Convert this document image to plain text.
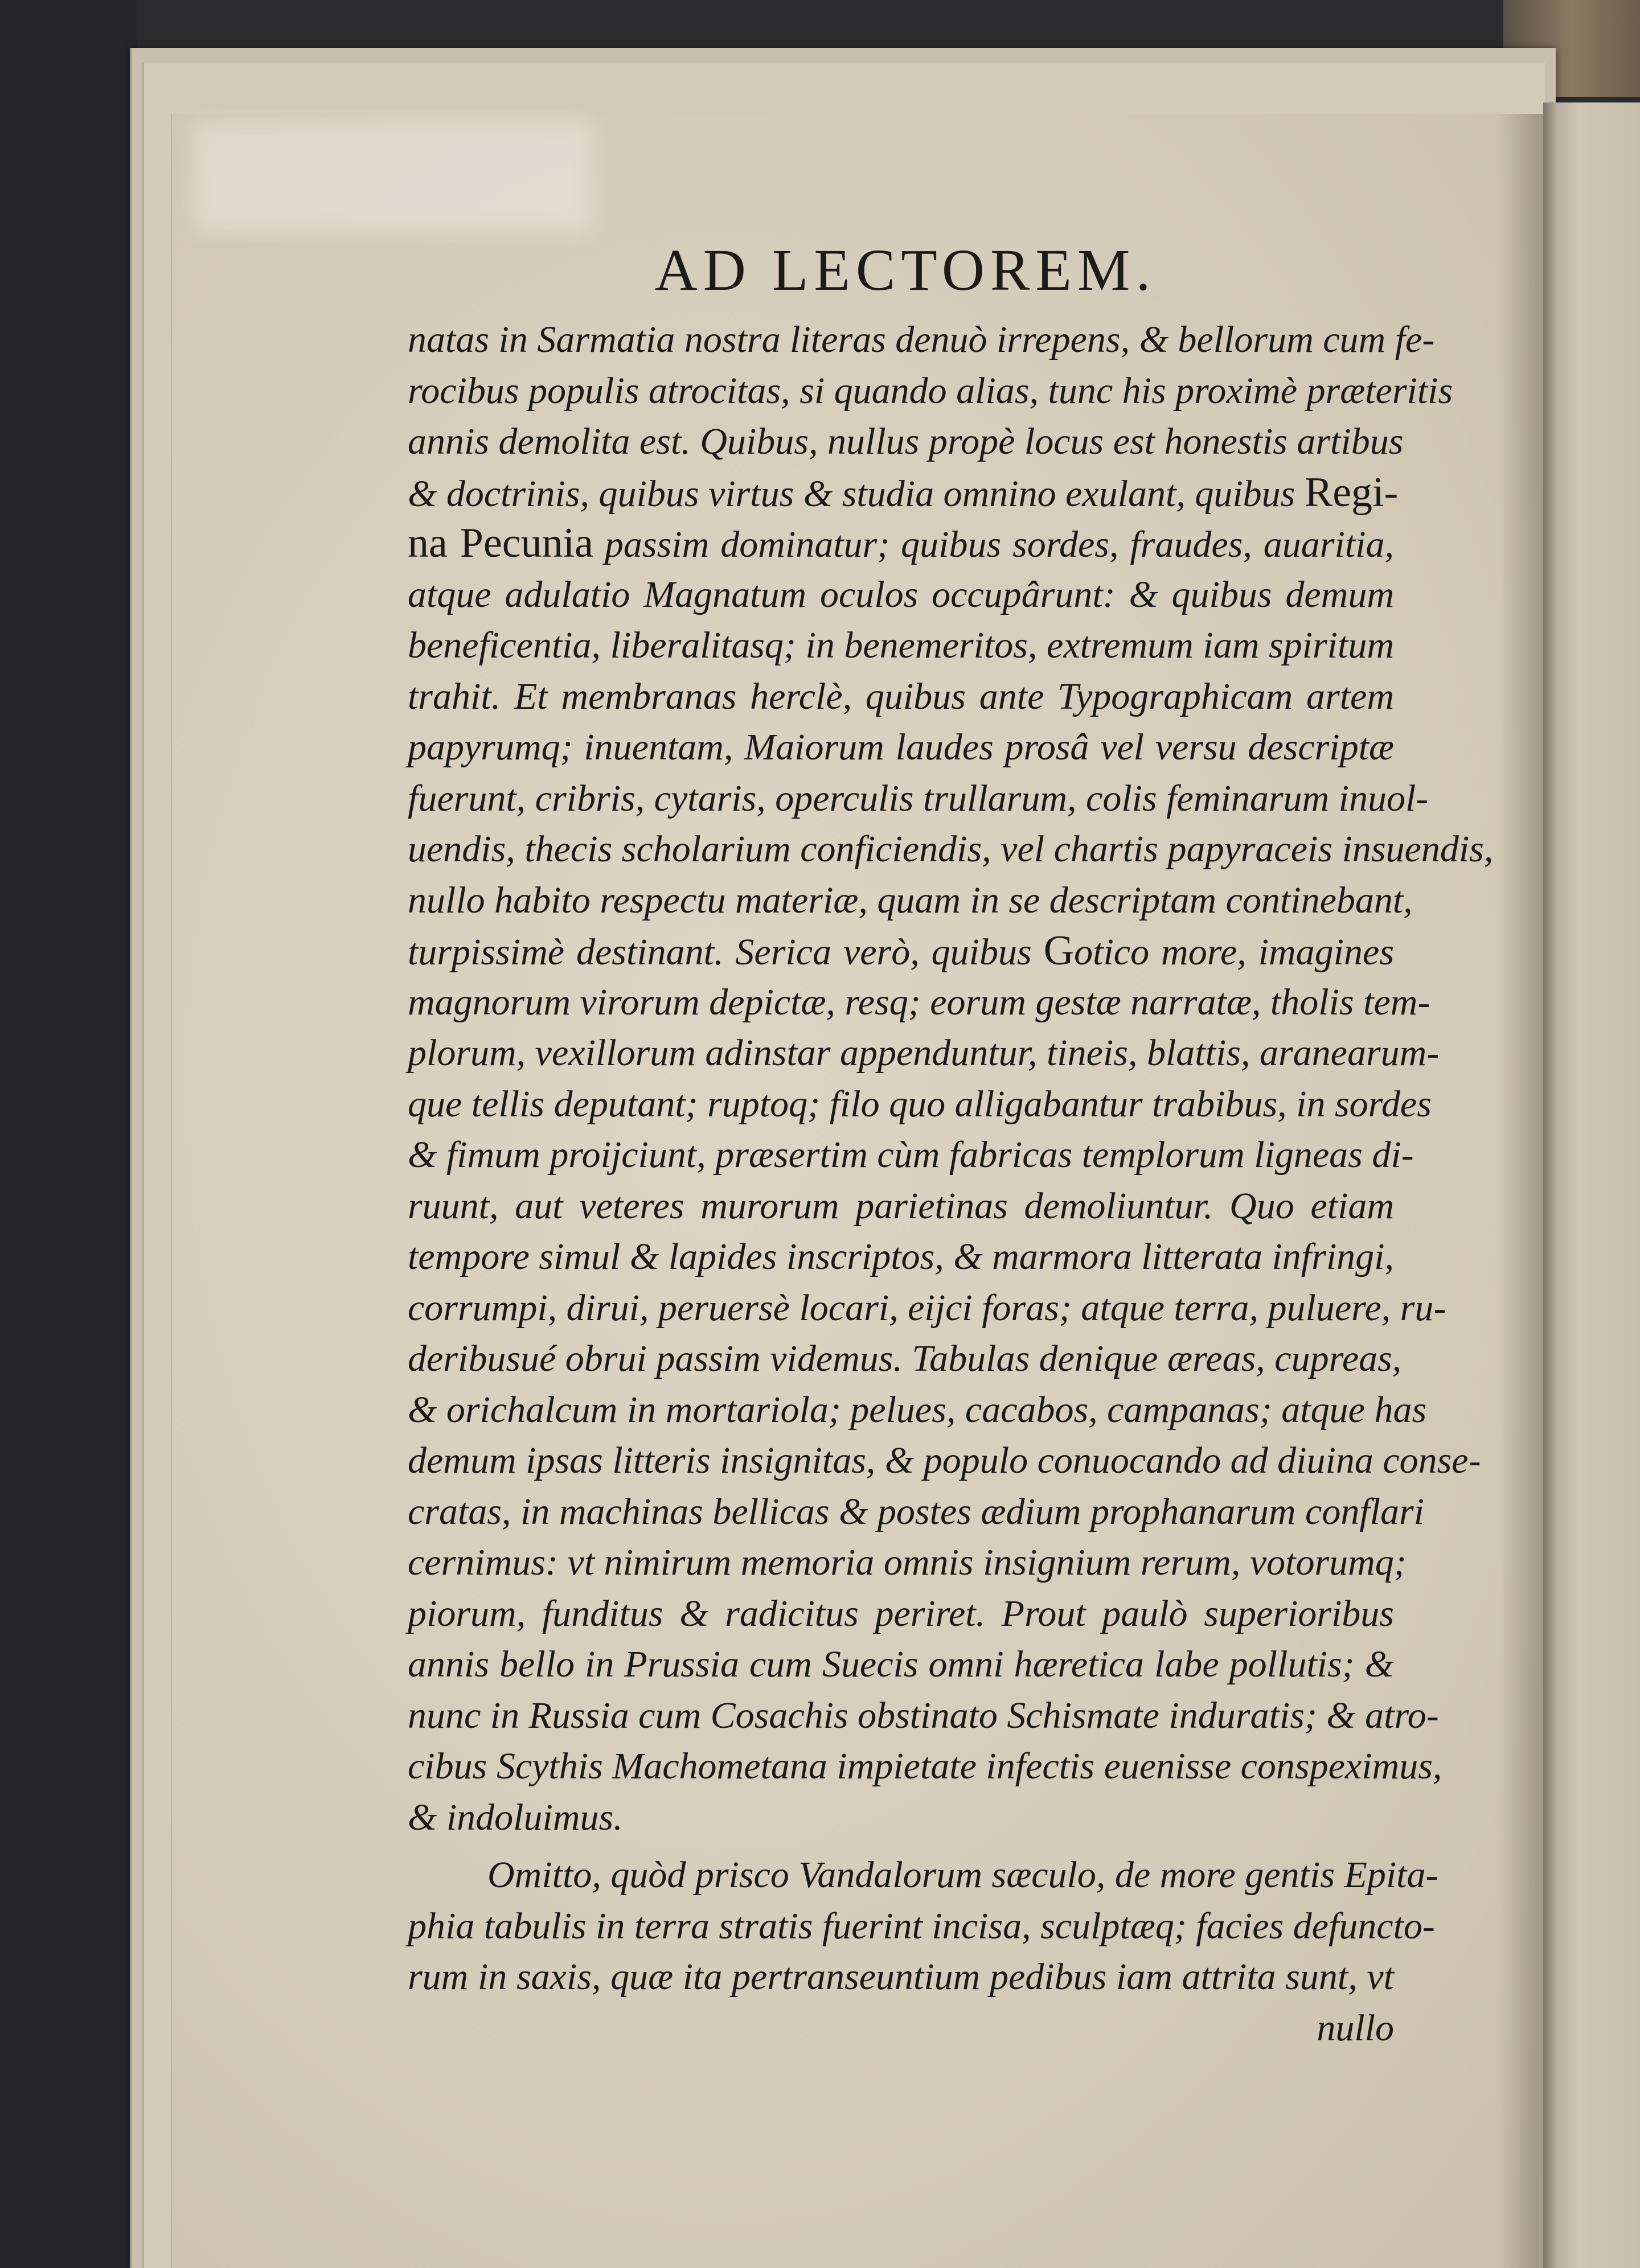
AD LECTOREM.
natas in Sarmatia nostra literas denuò irrepens, & bellorum cum fe-
rocibus populis atrocitas, si quando alias, tunc his proximè præteritis
annis demolita est. Quibus, nullus propè locus est honestis artibus
& doctrinis, quibus virtus & studia omnino exulant, quibus Regi-
na Pecunia passim dominatur; quibus sordes, fraudes, auaritia,
atque adulatio Magnatum oculos occupârunt: & quibus demum
beneficentia, liberalitasq; in benemeritos, extremum iam spiritum
trahit. Et membranas herclè, quibus ante Typographicam artem
papyrumq; inuentam, Maiorum laudes prosâ vel versu descriptæ
fuerunt, cribris, cytaris, operculis trullarum, colis feminarum inuol-
uendis, thecis scholarium conficiendis, vel chartis papyraceis insuendis,
nullo habito respectu materiæ, quam in se descriptam continebant,
turpissimè destinant. Serica verò, quibus Gotico more, imagines
magnorum virorum depictæ, resq; eorum gestæ narratæ, tholis tem-
plorum, vexillorum adinstar appenduntur, tineis, blattis, aranearum-
que tellis deputant; ruptoq; filo quo alligabantur trabibus, in sordes
& fimum proijciunt, præsertim cùm fabricas templorum ligneas di-
ruunt, aut veteres murorum parietinas demoliuntur. Quo etiam
tempore simul & lapides inscriptos, & marmora litterata infringi,
corrumpi, dirui, peruersè locari, eijci foras; atque terra, puluere, ru-
deribusué obrui passim videmus. Tabulas denique æreas, cupreas,
& orichalcum in mortariola; pelues, cacabos, campanas; atque has
demum ipsas litteris insignitas, & populo conuocando ad diuina conse-
cratas, in machinas bellicas & postes ædium prophanarum conflari
cernimus: vt nimirum memoria omnis insignium rerum, votorumq;
piorum, funditus & radicitus periret. Prout paulò superioribus
annis bello in Prussia cum Suecis omni hæretica labe pollutis; &
nunc in Russia cum Cosachis obstinato Schismate induratis; & atro-
cibus Scythis Machometana impietate infectis euenisse conspeximus,
& indoluimus.
Omitto, quòd prisco Vandalorum sæculo, de more gentis Epita-
phia tabulis in terra stratis fuerint incisa, sculptæq; facies defuncto-
rum in saxis, quæ ita pertranseuntium pedibus iam attrita sunt, vt
nullo
